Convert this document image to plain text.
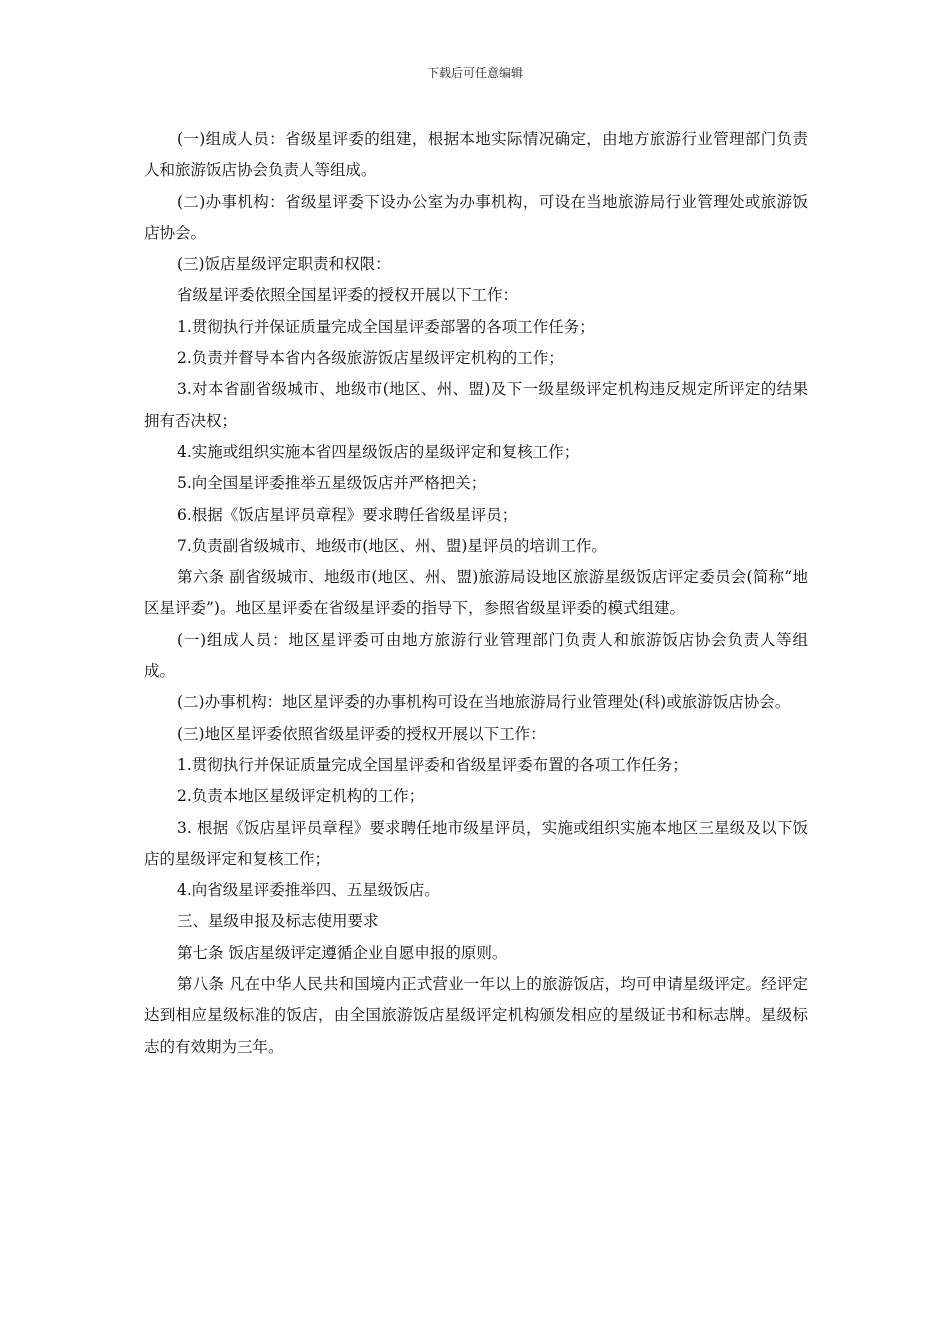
下载后可任意编辑

(一)组成人员：省级星评委的组建，根据本地实际情况确定，由地方旅游行业管理部门负责人和旅游饭店协会负责人等组成。

(二)办事机构：省级星评委下设办公室为办事机构，可设在当地旅游局行业管理处或旅游饭店协会。

(三)饭店星级评定职责和权限：

省级星评委依照全国星评委的授权开展以下工作：

1.贯彻执行并保证质量完成全国星评委部署的各项工作任务；

2.负责并督导本省内各级旅游饭店星级评定机构的工作；

3.对本省副省级城市、地级市(地区、州、盟)及下一级星级评定机构违反规定所评定的结果拥有否决权；

4.实施或组织实施本省四星级饭店的星级评定和复核工作；

5.向全国星评委推举五星级饭店并严格把关；

6.根据《饭店星评员章程》要求聘任省级星评员；

7.负责副省级城市、地级市(地区、州、盟)星评员的培训工作。

第六条 副省级城市、地级市(地区、州、盟)旅游局设地区旅游星级饭店评定委员会(简称“地区星评委”)。地区星评委在省级星评委的指导下，参照省级星评委的模式组建。

(一)组成人员：地区星评委可由地方旅游行业管理部门负责人和旅游饭店协会负责人等组成。

(二)办事机构：地区星评委的办事机构可设在当地旅游局行业管理处(科)或旅游饭店协会。

(三)地区星评委依照省级星评委的授权开展以下工作：

1.贯彻执行并保证质量完成全国星评委和省级星评委布置的各项工作任务；

2.负责本地区星级评定机构的工作；

3. 根据《饭店星评员章程》要求聘任地市级星评员，实施或组织实施本地区三星级及以下饭店的星级评定和复核工作；

4.向省级星评委推举四、五星级饭店。

三、星级申报及标志使用要求

第七条 饭店星级评定遵循企业自愿申报的原则。

第八条 凡在中华人民共和国境内正式营业一年以上的旅游饭店，均可申请星级评定。经评定达到相应星级标准的饭店，由全国旅游饭店星级评定机构颁发相应的星级证书和标志牌。星级标志的有效期为三年。
